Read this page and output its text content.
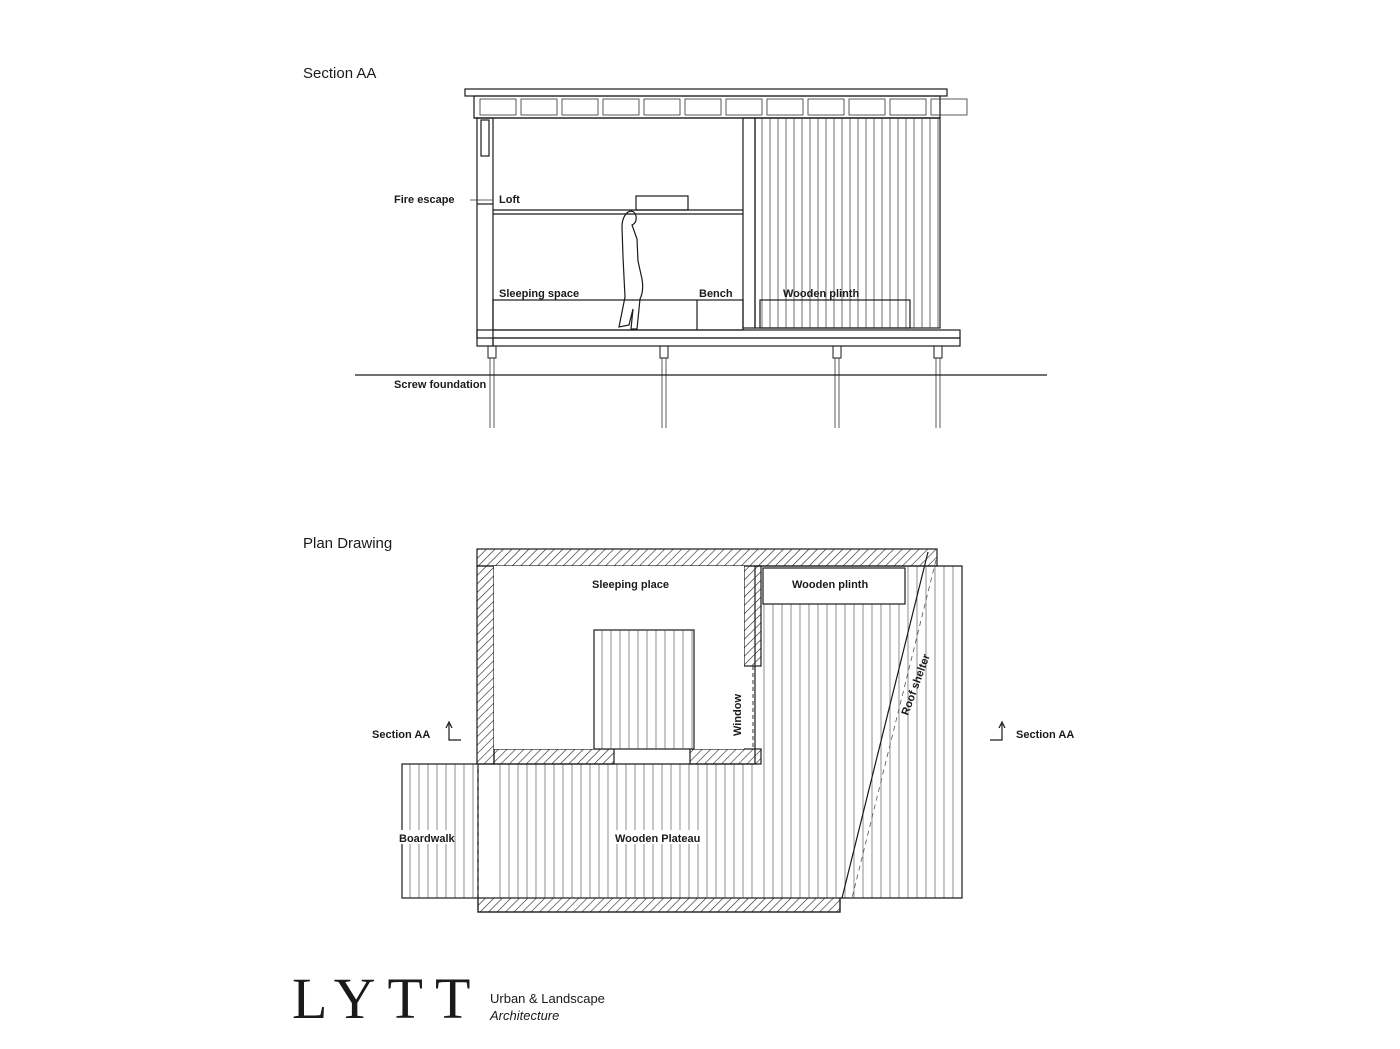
Section AA
Fire escape	Loft
Sleeping space	Bench	Wooden plinth
Screw foundation
Plan Drawing
Sleeping place	Wooden plinth
Window	Roof shelter
Section AA	Section AA
Boardwalk	Wooden Plateau
LYTT Urban & Landscape
Architecture
